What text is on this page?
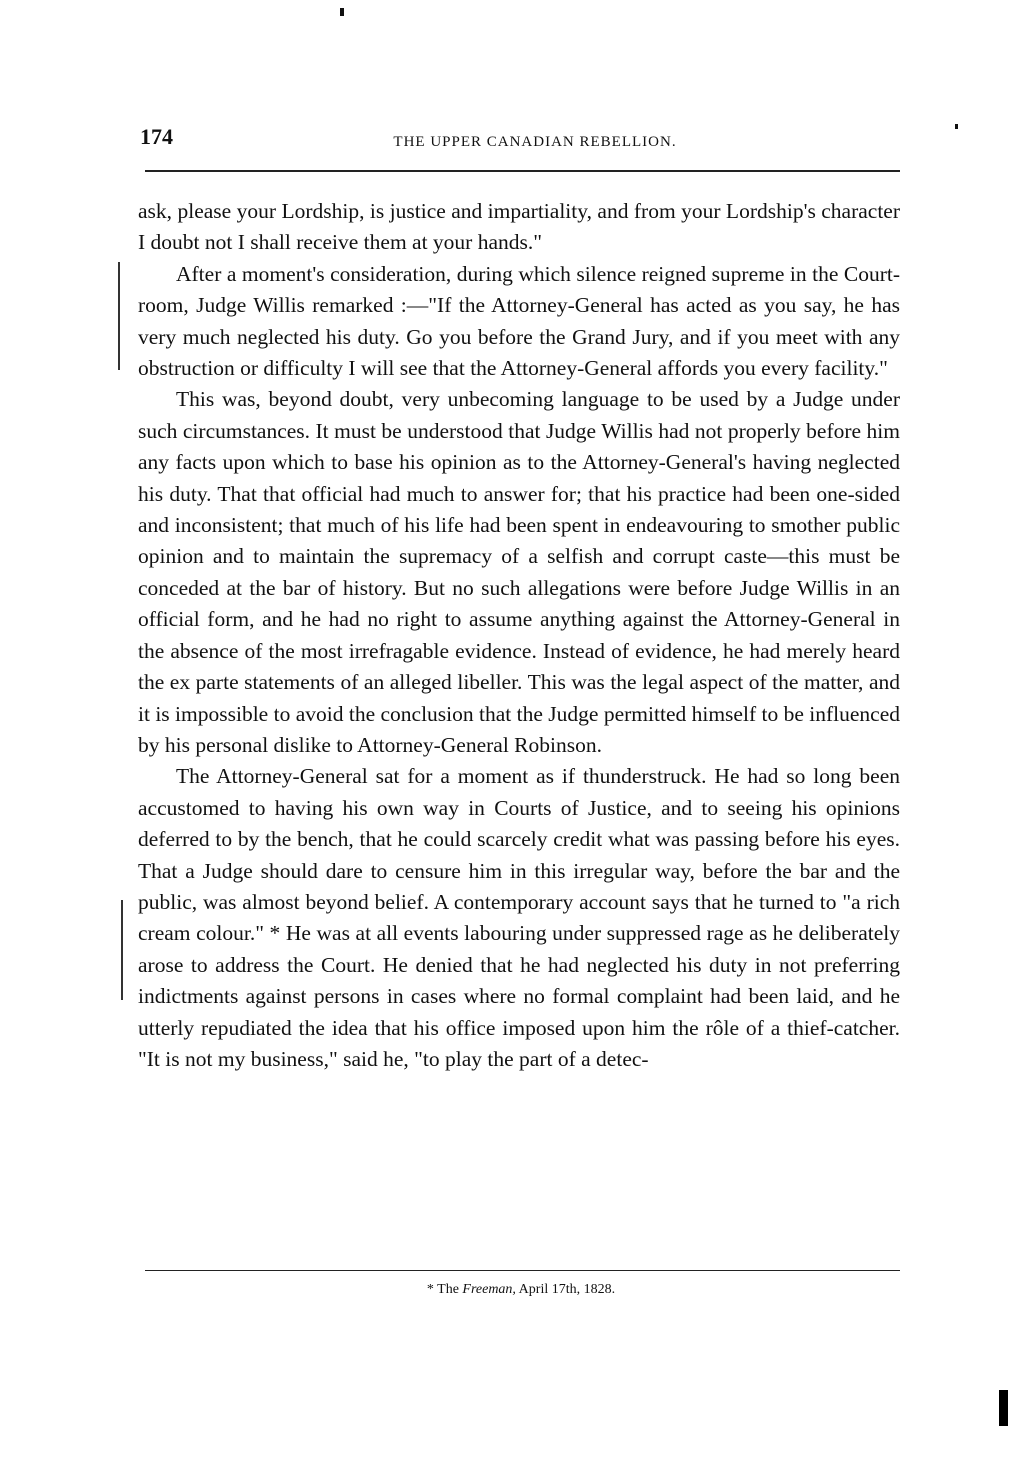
174	THE UPPER CANADIAN REBELLION.

ask, please your Lordship, is justice and impartiality, and from your Lordship's character I doubt not I shall receive them at your hands."

After a moment's consideration, during which silence reigned supreme in the Court-room, Judge Willis remarked :—"If the Attorney-General has acted as you say, he has very much neglected his duty. Go you before the Grand Jury, and if you meet with any obstruction or difficulty I will see that the Attorney-General affords you every facility."

This was, beyond doubt, very unbecoming language to be used by a Judge under such circumstances. It must be understood that Judge Willis had not properly before him any facts upon which to base his opinion as to the Attorney-General's having neglected his duty. That that official had much to answer for; that his practice had been one-sided and inconsistent; that much of his life had been spent in endeavouring to smother public opinion and to maintain the supremacy of a selfish and corrupt caste—this must be conceded at the bar of history. But no such allegations were before Judge Willis in an official form, and he had no right to assume anything against the Attorney-General in the absence of the most irrefragable evidence. Instead of evidence, he had merely heard the ex parte statements of an alleged libeller. This was the legal aspect of the matter, and it is impossible to avoid the conclusion that the Judge permitted himself to be influenced by his personal dislike to Attorney-General Robinson.

The Attorney-General sat for a moment as if thunderstruck. He had so long been accustomed to having his own way in Courts of Justice, and to seeing his opinions deferred to by the bench, that he could scarcely credit what was passing before his eyes. That a Judge should dare to censure him in this irregular way, before the bar and the public, was almost beyond belief. A contemporary account says that he turned to "a rich cream colour." * He was at all events labouring under suppressed rage as he deliberately arose to address the Court. He denied that he had neglected his duty in not preferring indictments against persons in cases where no formal complaint had been laid, and he utterly repudiated the idea that his office imposed upon him the rôle of a thief-catcher. "It is not my business," said he, "to play the part of a detec-

* The Freeman, April 17th, 1828.
